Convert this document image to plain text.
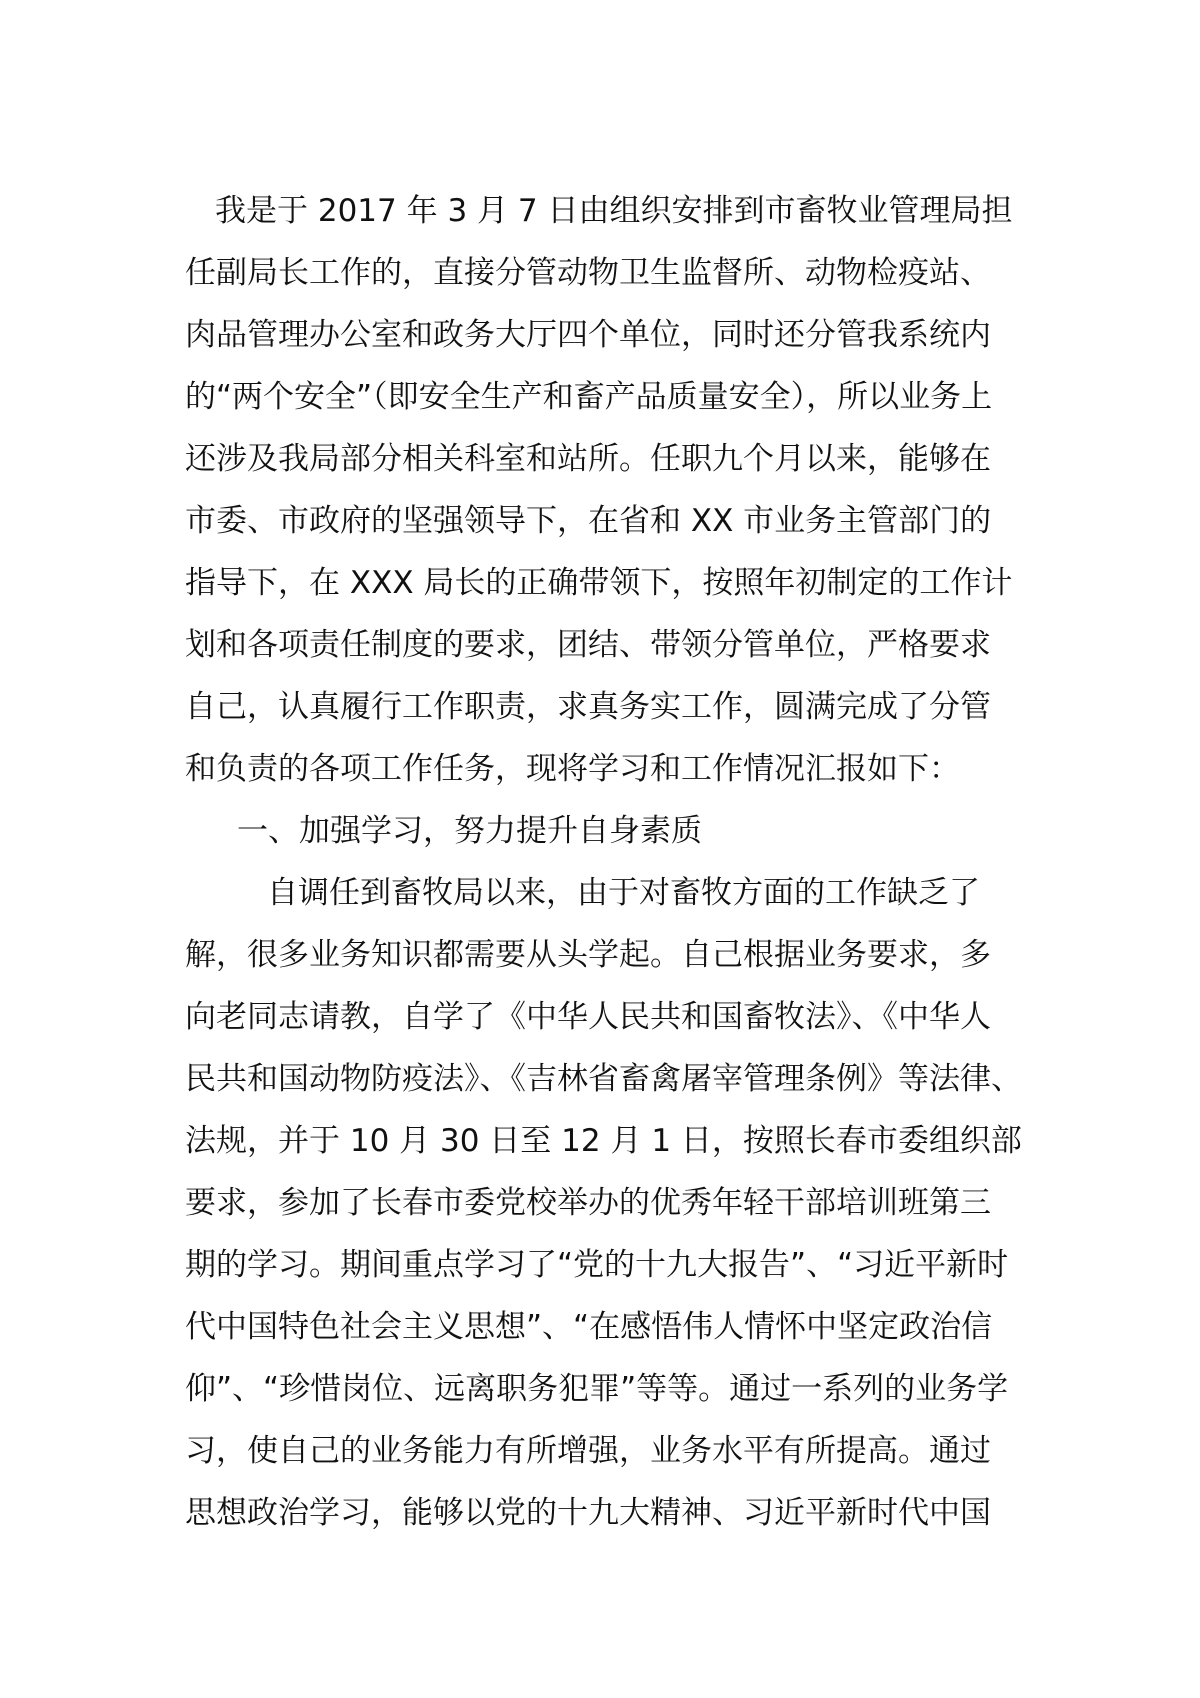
我是于 2017 年 3 月 7 日由组织安排到市畜牧业管理局担
任副局长工作的，直接分管动物卫生监督所、动物检疫站、
肉品管理办公室和政务大厅四个单位，同时还分管我系统内
的“两个安全”（即安全生产和畜产品质量安全），所以业务上
还涉及我局部分相关科室和站所。任职九个月以来，能够在
市委、市政府的坚强领导下，在省和 XX 市业务主管部门的
指导下，在 XXX 局长的正确带领下，按照年初制定的工作计
划和各项责任制度的要求，团结、带领分管单位，严格要求
自己，认真履行工作职责，求真务实工作，圆满完成了分管
和负责的各项工作任务，现将学习和工作情况汇报如下：
一、加强学习，努力提升自身素质
自调任到畜牧局以来，由于对畜牧方面的工作缺乏了
解，很多业务知识都需要从头学起。自己根据业务要求，多
向老同志请教，自学了《中华人民共和国畜牧法》、《中华人
民共和国动物防疫法》、《吉林省畜禽屠宰管理条例》等法律、
法规，并于 10 月 30 日至 12 月 1 日，按照长春市委组织部
要求，参加了长春市委党校举办的优秀年轻干部培训班第三
期的学习。期间重点学习了“党的十九大报告”、“习近平新时
代中国特色社会主义思想”、“在感悟伟人情怀中坚定政治信
仰”、“珍惜岗位、远离职务犯罪”等等。通过一系列的业务学
习，使自己的业务能力有所增强，业务水平有所提高。通过
思想政治学习，能够以党的十九大精神、习近平新时代中国
